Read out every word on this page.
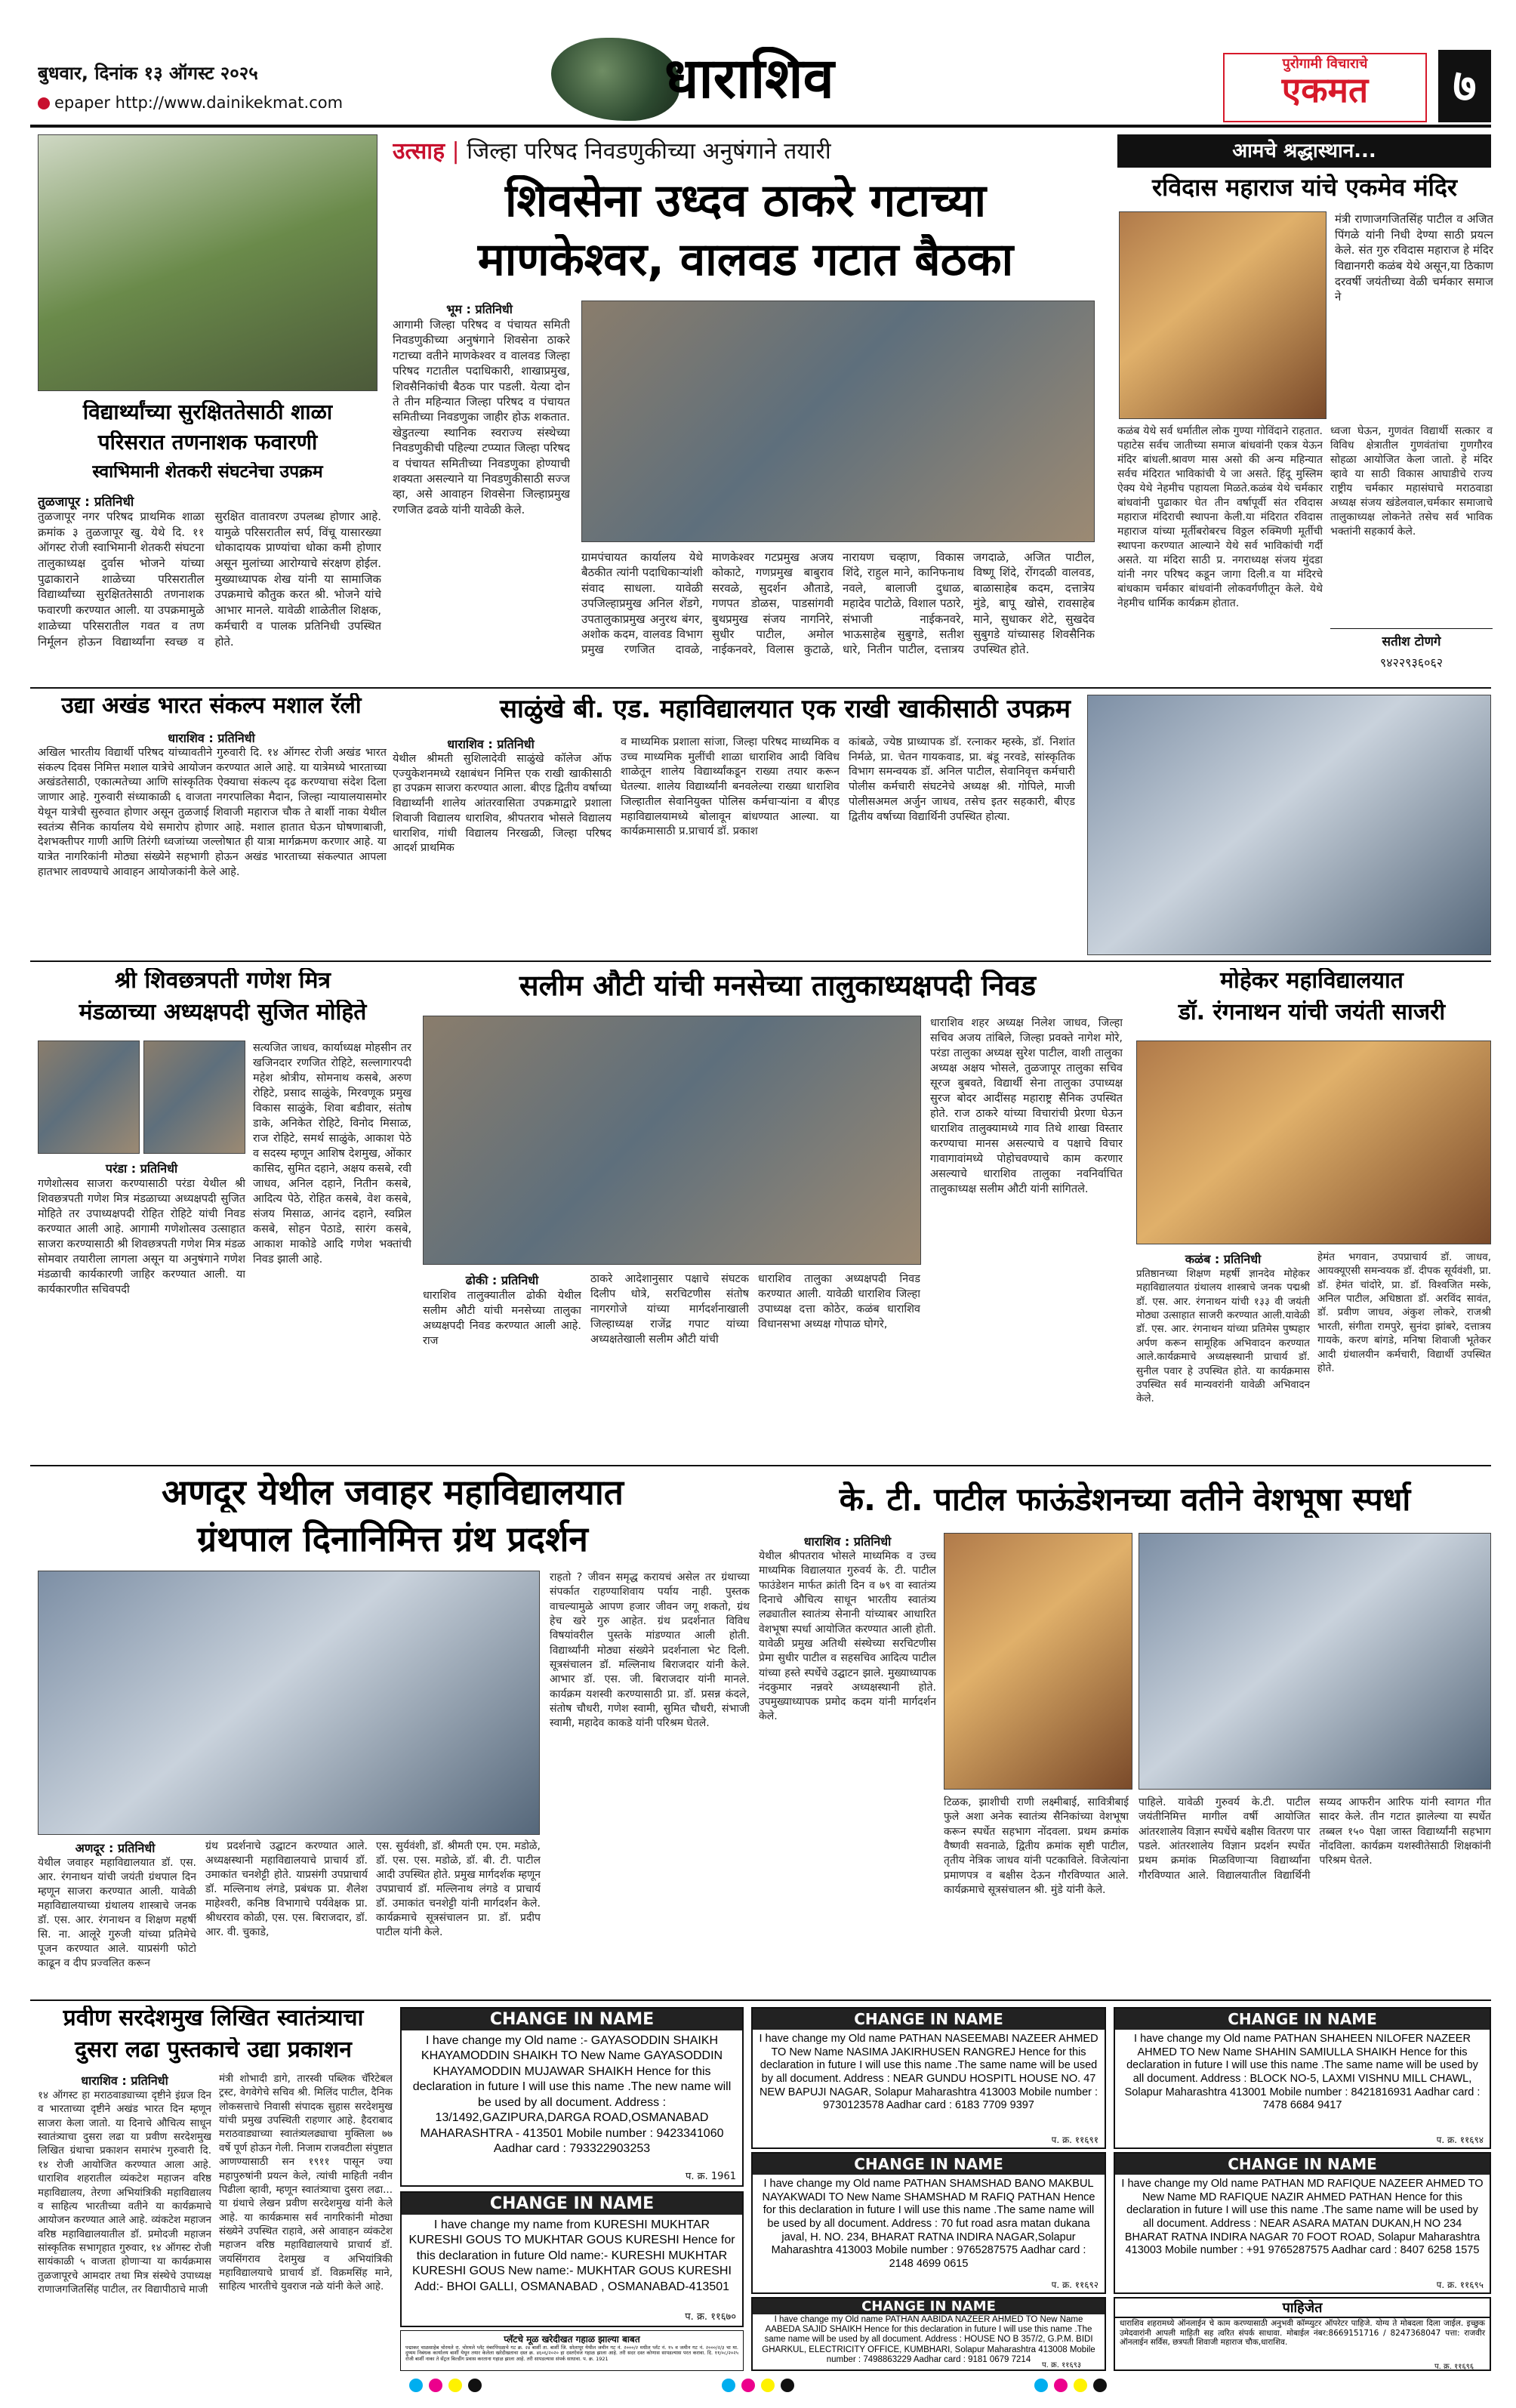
बुधवार, दिनांक १३ ऑगस्ट २०२५
epaper http://www.dainikekmat.com	धाराशिव	पुरोगामी विचाराचे
एकमत	७
विद्यार्थ्यांच्या सुरक्षिततेसाठी शाळा
परिसरात तणनाशक फवारणी
स्वाभिमानी शेतकरी संघटनेचा उपक्रम
तुळजापूर : प्रतिनिधी
तुळजापूर नगर परिषद प्राथमिक शाळा क्रमांक ३ तुळजापूर खु. येथे दि. ११ ऑगस्ट रोजी स्वाभिमानी शेतकरी संघटना तालुकाध्यक्ष दुर्वास भोजने यांच्या पुढाकाराने शाळेच्या परिसरातील विद्यार्थ्यांच्या सुरक्षिततेसाठी तणनाशक फवारणी करण्यात आली. या उपक्रमामुळे शाळेच्या परिसरातील गवत व तण निर्मूलन होऊन विद्यार्थ्यांना स्वच्छ व सुरक्षित वातावरण उपलब्ध होणार आहे. यामुळे परिसरातील सर्प, विंचू यासारख्या धोकादायक प्राण्यांचा धोका कमी होणार असून मुलांच्या आरोग्याचे संरक्षण होईल. मुख्याध्यापक शेख यांनी या सामाजिक उपक्रमाचे कौतुक करत श्री. भोजने यांचे आभार मानले. यावेळी शाळेतील शिक्षक, कर्मचारी व पालक प्रतिनिधी उपस्थित होते.
उत्साह | जिल्हा परिषद निवडणुकीच्या अनुषंगाने तयारी
शिवसेना उध्दव ठाकरे गटाच्या
माणकेश्वर, वालवड गटात बैठका
भूम : प्रतिनिधी
आगामी जिल्हा परिषद व पंचायत समिती निवडणुकीच्या अनुषंगाने शिवसेना ठाकरे गटाच्या वतीने माणकेश्वर व वालवड जिल्हा परिषद गटातील पदाधिकारी, शाखाप्रमुख, शिवसैनिकांची बैठक पार पडली. येत्या दोन ते तीन महिन्यात जिल्हा परिषद व पंचायत समितीच्या निवडणुका जाहीर होऊ शकतात. खेडुतल्या स्थानिक स्वराज्य संस्थेच्या निवडणुकीची पहिल्या टप्प्यात जिल्हा परिषद व पंचायत समितीच्या निवडणुका होण्याची शक्यता असल्याने या निवडणुकीसाठी सज्ज व्हा, असे आवाहन शिवसेना जिल्हाप्रमुख रणजित ढवळे यांनी यावेळी केले.
ग्रामपंचायत कार्यालय येथे बैठकीत त्यांनी पदाधिकाऱ्यांशी संवाद साधला. यावेळी उपजिल्हाप्रमुख अनिल शेंडगे, उपतालुकाप्रमुख अनुरथ बंगर, अशोक कदम, वालवड विभाग प्रमुख रणजित दावळे, माणकेश्वर गटप्रमुख अजय कोकाटे, गणप्रमुख बाबुराव सरवळे, सुदर्शन औताडे, गणपत डोळस, पाडसांगवी बुथप्रमुख संजय नागनिरे, सुधीर पाटील, अमोल नाईकनवरे, विलास कुटाळे, नारायण चव्हाण, विकास शिंदे, राहुल माने, कानिफनाथ नवले, बालाजी दुधाळ, महादेव पाटोळे, विशाल पठारे, संभाजी नाईकनवरे, भाऊसाहेब सुबुगडे, सतीश धारे, नितीन पाटील, दत्तात्रय जगदाळे, अजित पाटील, विष्णू शिंदे, रोंगदळी वालवड, बाळासाहेब कदम, दत्तात्रेय मुंडे, बापू खोसे, रावसाहेब माने, सुधाकर शेटे, सुखदेव सुबुगडे यांच्यासह शिवसैनिक उपस्थित होते.
आमचे श्रद्धास्थान...
रविदास महाराज यांचे एकमेव मंदिर
मंत्री राणाजगजितसिंह पाटील व अजित पिंगळे यांनी निधी देण्या साठी प्रयत्न केले. संत गुरु रविदास महाराज हे मंदिर विद्यानगरी कळंब येथे असून,या ठिकाण दरवर्षी जयंतीच्या वेळी चर्मकार समाज ने
कळंब येथे सर्व धर्मातील लोक गुण्या गोविंदाने राहतात. पहाटेस सर्वच जातीच्या समाज बांधवांनी एकत्र येऊन मंदिर बांधली.श्रावण मास असो की अन्य महिन्यात सर्वच मंदिरात भाविकांची ये जा असते. हिंदू मुस्लिम ऐक्य येथे नेहमीच पहायला मिळते.कळंब येथे चर्मकार बांधवांनी पुढाकार घेत तीन वर्षापूर्वी संत रविदास महाराज मंदिराची स्थापना केली.या मंदिरात रविदास महाराज यांच्या मूर्तीबरोबरच विठ्ठल रुक्मिणी मूर्तीची स्थापना करण्यात आल्याने येथे सर्व भाविकांची गर्दी असते. या मंदिरा साठी प्र. नगराध्यक्ष संजय मुंदडा यांनी नगर परिषद कडून जागा दिली.व या मंदिरचे बांधकाम चर्मकार बांधवांनी लोकवर्गणीतून केले. येथे नेहमीच धार्मिक कार्यक्रम होतात.
ध्वजा घेऊन, गुणवंत विद्यार्थी सत्कार व विविध क्षेत्रातील गुणवंतांचा गुणगौरव सोहळा आयोजित केला जातो. हे मंदिर व्हावे या साठी विकास आघाडीचे राज्य राष्ट्रीय चर्मकार महासंघाचे मराठवाडा अध्यक्ष संजय खंडेलवाल,चर्मकार समाजाचे तालुकाध्यक्ष लोकनेते तसेच सर्व भाविक भक्तांनी सहकार्य केले.
सतीश टोणगे
९४२२९३६०६२
उद्या अखंड भारत संकल्प मशाल रॅली
धाराशिव : प्रतिनिधी
अखिल भारतीय विद्यार्थी परिषद यांच्यावतीने गुरुवारी दि. १४ ऑगस्ट रोजी अखंड भारत संकल्प दिवस निमित्त मशाल यात्रेचे आयोजन करण्यात आले आहे. या यात्रेमध्ये भारताच्या अखंडतेसाठी, एकात्मतेच्या आणि सांस्कृतिक ऐक्याचा संकल्प दृढ करण्याचा संदेश दिला जाणार आहे. गुरुवारी संध्याकाळी ६ वाजता नगरपालिका मैदान, जिल्हा न्यायालयासमोर येथून यात्रेची सुरुवात होणार असून तुळजाई शिवाजी महाराज चौक ते बार्शी नाका येथील स्वतंत्र्य सैनिक कार्यालय येथे समारोप होणार आहे. मशाल हातात घेऊन घोषणाबाजी, देशभक्तीपर गाणी आणि तिरंगी ध्वजांच्या जल्लोषात ही यात्रा मार्गक्रमण करणार आहे. या यात्रेत नागरिकांनी मोठ्या संख्येने सहभागी होऊन अखंड भारताच्या संकल्पात आपला हातभार लावण्याचे आवाहन आयोजकांनी केले आहे.
साळुंखे बी. एड. महाविद्यालयात एक राखी खाकीसाठी उपक्रम
धाराशिव : प्रतिनिधी
येथील श्रीमती सुशिलादेवी साळुंखे कॉलेज ऑफ एज्युकेशनमध्ये रक्षाबंधन निमित्त एक राखी खाकीसाठी हा उपक्रम साजरा करण्यात आला. बीएड द्वितीय वर्षाच्या विद्यार्थ्यांनी शालेय आंतरवासिता उपक्रमाद्वारे प्रशाला शिवाजी विद्यालय धाराशिव, श्रीपतराव भोसले विद्यालय धाराशिव, गांधी विद्यालय निरखळी, जिल्हा परिषद आदर्श प्राथमिक
व माध्यमिक प्रशाला सांजा, जिल्हा परिषद माध्यमिक व उच्च माध्यमिक मुलींची शाळा धाराशिव आदी विविध शाळेतून शालेय विद्यार्थ्यांकडून राख्या तयार करून घेतल्या. शालेय विद्यार्थ्यांनी बनवलेल्या राख्या धाराशिव जिल्हातील सेवानियुक्त पोलिस कर्मचाऱ्यांना व बीएड महाविद्यालयामध्ये बोलावून बांधण्यात आल्या. या कार्यक्रमासाठी प्र.प्राचार्य डॉ. प्रकाश
कांबळे, ज्येष्ठ प्राध्यापक डॉ. रत्नाकर म्हस्के, डॉ. निशांत निर्मळे, प्रा. चेतन गायकवाड, प्रा. बंडू नरवडे, सांस्कृतिक विभाग समन्वयक डॉ. अनिल पाटील, सेवानिवृत्त कर्मचारी पोलीस कर्मचारी संघटनेचे अध्यक्ष श्री. गोपिले, माजी पोलीसअमल अर्जुन जाधव, तसेच इतर सहकारी, बीएड द्वितीय वर्षाच्या विद्यार्थिनी उपस्थित होत्या.
श्री शिवछत्रपती गणेश मित्र
मंडळाच्या अध्यक्षपदी सुजित मोहिते
परंडा : प्रतिनिधी
गणेशोत्सव साजरा करण्यासाठी परंडा येथील श्री शिवछत्रपती गणेश मित्र मंडळाच्या अध्यक्षपदी सुजित मोहिते तर उपाध्यक्षपदी रोहित रोहिटे यांची निवड करण्यात आली आहे. आगामी गणेशोत्सव उत्साहात साजरा करण्यासाठी श्री शिवछत्रपती गणेश मित्र मंडळ सोमवार तयारीला लागला असून या अनुषंगाने गणेश मंडळाची कार्यकारणी जाहिर करण्यात आली. या कार्यकारणीत सचिवपदी
सत्यजित जाधव, कार्याध्यक्ष मोहसीन तर खजिनदार रणजित रोहिटे, सल्लागारपदी महेश श्रोत्रीय, सोमनाथ कसबे, अरुण रोहिटे, प्रसाद साळुंके, मिरवणूक प्रमुख विकास साळुंके, शिवा बडीवार, संतोष डाके, अनिकेत रोहिटे, विनोद मिसाळ, राज रोहिटे, समर्थ साळुंके, आकाश पेठे व सदस्य म्हणून आशिष देशमुख, ओंकार कासिद, सुमित दहाने, अक्षय कसबे, रवी जाधव, अनिल दहाने, नितीन कसबे, आदित्य पेठे, रोहित कसबे, वेश कसबे, संजय मिसाळ, आनंद दहाने, स्वप्निल कसबे, सोहन पेठाडे, सारंग कसबे, आकाश माकोडे आदि गणेश भक्तांची निवड झाली आहे.
सलीम औटी यांची मनसेच्या तालुकाध्यक्षपदी निवड
ढोकी : प्रतिनिधी
धाराशिव तालुक्यातील ढोकी येथील सलीम औटी यांची मनसेच्या तालुका अध्यक्षपदी निवड करण्यात आली आहे. राज
ठाकरे आदेशानुसार पक्षाचे संघटक दिलीप धोत्रे, सरचिटणीस संतोष नागरगोजे यांच्या मार्गदर्शनाखाली जिल्हाध्यक्ष राजेंद्र गपाट यांच्या अध्यक्षतेखाली सलीम औटी यांची
धाराशिव तालुका अध्यक्षपदी निवड करण्यात आली. यावेळी धाराशिव जिल्हा उपाध्यक्ष दत्ता कोठेर, कळंब धाराशिव विधानसभा अध्यक्ष गोपाळ घोगरे,
धाराशिव शहर अध्यक्ष निलेश जाधव, जिल्हा सचिव अजय तांबिले, जिल्हा प्रवक्ते नागेश मोरे, परंडा तालुका अध्यक्ष सुरेश पाटील, वाशी तालुका अध्यक्ष अक्षय भोसले, तुळजापूर तालुका सचिव सूरज बुबवते, विद्यार्थी सेना तालुका उपाध्यक्ष सुरज बोदर आदींसह महाराष्ट्र सैनिक उपस्थित होते. राज ठाकरे यांच्या विचारांची प्रेरणा घेऊन धाराशिव तालुक्यामध्ये गाव तिथे शाखा विस्तार करण्याचा मानस असल्याचे व पक्षाचे विचार गावागावांमध्ये पोहोचवण्याचे काम करणार असल्याचे धाराशिव तालुका नवनिर्वाचित तालुकाध्यक्ष सलीम औटी यांनी सांगितले.
मोहेकर महाविद्यालयात
डॉ. रंगनाथन यांची जयंती साजरी
कळंब : प्रतिनिधी
प्रतिष्ठानच्या शिक्षण महर्षी ज्ञानदेव मोहेकर महाविद्यालयात ग्रंथालय शास्त्राचे जनक पद्मश्री डॉ. एस. आर. रंगनाथन यांची १३३ वी जयंती मोठ्या उत्साहात साजरी करण्यात आली.यावेळी डॉ. एस. आर. रंगनाथन यांच्या प्रतिमेस पुष्पहार अर्पण करून सामूहिक अभिवादन करण्यात आले.कार्यक्रमाचे अध्यक्षस्थानी प्राचार्य डॉ. सुनील पवार हे उपस्थित होते. या कार्यक्रमास उपस्थित सर्व मान्यवरांनी यावेळी अभिवादन केले.
हेमंत भगवान, उपप्राचार्य डॉ. जाधव, आयक्यूएसी समन्वयक डॉ. दीपक सूर्यवंशी, प्रा. डॉ. हेमंत चांदोरे, प्रा. डॉ. विश्वजित मस्के, अनिल पाटील, अधिष्ठाता डॉ. अरविंद सावंत, डॉ. प्रवीण जाधव, अंकुश लोकरे, राजश्री भारती, संगीता रामपुरे, सुनंदा झांबरे, दत्तात्रय गायके, करण बांगडे, मनिषा शिवाजी भूतेकर आदी ग्रंथालयीन कर्मचारी, विद्यार्थी उपस्थित होते.
अणदूर येथील जवाहर महाविद्यालयात
ग्रंथपाल दिनानिमित्त ग्रंथ प्रदर्शन
अणदूर : प्रतिनिधी
येथील जवाहर महाविद्यालयात डॉ. एस. आर. रंगनाथन यांची जयंती ग्रंथपाल दिन म्हणून साजरा करण्यात आली. यावेळी महाविद्यालयाच्या ग्रंथालय शास्त्राचे जनक डॉ. एस. आर. रंगनाथन व शिक्षण महर्षी सि. ना. आलूरे गुरुजी यांच्या प्रतिमेचे पूजन करण्यात आले. याप्रसंगी फोटो काढून व दीप प्रज्वलित करून
ग्रंथ प्रदर्शनाचे उद्घाटन करण्यात आले. अध्यक्षस्थानी महाविद्यालयाचे प्राचार्य डॉ. उमाकांत चनशेट्टी होते. याप्रसंगी उपप्राचार्य डॉ. मल्लिनाथ लंगडे, प्रबंधक प्रा. शैलेश माहेश्वरी, कनिष्ठ विभागाचे पर्यवेक्षक प्रा. श्रीधरराव कोळी, एस. एस. बिराजदार, डॉ. आर. वी. चुकाडे,
एस. सुर्यवंशी, डॉ. श्रीमती एम. एम. मडोळे, डॉ. एस. एस. मडोळे, डॉ. बी. टी. पाटील आदी उपस्थित होते. प्रमुख मार्गदर्शक म्हणून उपप्राचार्य डॉ. मल्लिनाथ लंगडे व प्राचार्य डॉ. उमाकांत चनशेट्टी यांनी मार्गदर्शन केले. कार्यक्रमाचे सूत्रसंचालन प्रा. डॉ. प्रदीप पाटील यांनी केले.
राहतो ? जीवन समृद्ध करायचं असेल तर ग्रंथाच्या संपर्कात राहण्याशिवाय पर्याय नाही. पुस्तक वाचल्यामुळे आपण हजार जीवन जगू शकतो, ग्रंथ हेच खरे गुरु आहेत. ग्रंथ प्रदर्शनात विविध विषयांवरील पुस्तके मांडण्यात आली होती. विद्यार्थ्यांनी मोठ्या संख्येने प्रदर्शनाला भेट दिली. सूत्रसंचालन डॉ. मल्लिनाथ बिराजदार यांनी केले. आभार डॉ. एस. जी. बिराजदार यांनी मानले. कार्यक्रम यशस्वी करण्यासाठी प्रा. डॉ. प्रसन्न कंदले, संतोष चौधरी, गणेश स्वामी, सुमित चौधरी, संभाजी स्वामी, महादेव काकडे यांनी परिश्रम घेतले.
के. टी. पाटील फाऊंडेशनच्या वतीने वेशभूषा स्पर्धा
धाराशिव : प्रतिनिधी
येथील श्रीपतराव भोसले माध्यमिक व उच्च माध्यमिक विद्यालयात गुरुवर्य के. टी. पाटील फाउंडेशन मार्फत क्रांती दिन व ७९ वा स्वातंत्र्य दिनाचे औचित्य साधून भारतीय स्वातंत्र्य लढ्यातील स्वातंत्र्य सेनानी यांच्याबर आधारित वेशभूषा स्पर्धा आयोजित करण्यात आली होती. यावेळी प्रमुख अतिथी संस्थेच्या सरचिटणीस प्रेमा सुधीर पाटील व सहसचिव आदित्य पाटील यांच्या हस्ते स्पर्धेचे उद्घाटन झाले. मुख्याध्यापक नंदकुमार नन्नवरे अध्यक्षस्थानी होते. उपमुख्याध्यापक प्रमोद कदम यांनी मार्गदर्शन केले.
टिळक, झाशीची राणी लक्ष्मीबाई, सावित्रीबाई फुले अशा अनेक स्वातंत्र्य सैनिकांच्या वेशभूषा करून स्पर्धेत सहभाग नोंदवला. प्रथम क्रमांक वैष्णवी सवनाळे, द्वितीय क्रमांक सृष्टी पाटील, तृतीय नेत्रिक जाधव यांनी पटकाविले. विजेत्यांना प्रमाणपत्र व बक्षीस देऊन गौरविण्यात आले. कार्यक्रमाचे सूत्रसंचालन श्री. मुंडे यांनी केले.
पाहिले. यावेळी गुरुवर्य के.टी. पाटील जयंतीनिमित्त मागील वर्षी आयोजित आंतरशालेय विज्ञान स्पर्धेचे बक्षीस वितरण पार पडले. आंतरशालेय विज्ञान प्रदर्शन स्पर्धेत प्रथम क्रमांक मिळविणाऱ्या विद्यार्थ्यांना गौरविण्यात आले. विद्यालयातील विद्यार्थिनी सय्यद आफरीन आरिफ यांनी स्वागत गीत सादर केले. तीन गटात झालेल्या या स्पर्धेत तब्बल १५० पेक्षा जास्त विद्यार्थ्यांनी सहभाग नोंदविला. कार्यक्रम यशस्वीतेसाठी शिक्षकांनी परिश्रम घेतले.
प्रवीण सरदेशमुख लिखित स्वातंत्र्याचा
दुसरा लढा पुस्तकाचे उद्या प्रकाशन
धाराशिव : प्रतिनिधी
१४ ऑगस्ट हा मराठवाड्याच्या दृष्टीने इंग्रज दिन व भारताच्या दृष्टीने अखंड भारत दिन म्हणून साजरा केला जातो. या दिनाचे औचित्य साधून स्वातंत्र्याचा दुसरा लढा या प्रवीण सरदेशमुख लिखित ग्रंथाचा प्रकाशन समारंभ गुरुवारी दि. १४ रोजी आयोजित करण्यात आला आहे. धाराशिव शहरातील व्यंकटेश महाजन वरिष्ठ महाविद्यालय, तेरणा अभियांत्रिकी महाविद्यालय व साहित्य भारतीच्या वतीने या कार्यक्रमाचे आयोजन करण्यात आले आहे. व्यंकटेश महाजन वरिष्ठ महाविद्यालयातील डॉ. प्रमोदजी महाजन सांस्कृतिक सभागृहात गुरुवार, १४ ऑगस्ट रोजी सायंकाळी ५ वाजता होणाऱ्या या कार्यक्रमास तुळजापूरचे आमदार तथा मित्र संस्थेचे उपाध्यक्ष राणाजगजितसिंह पाटील, तर विद्यापीठाचे माजी
मंत्री शोभादी डागे, तारस्वी पब्लिक चॅरिटेबल ट्रस्ट, वेगवेगेचे सचिव श्री. मिलिंद पाटील, दैनिक लोकसत्ताचे निवासी संपादक सुहास सरदेशमुख यांची प्रमुख उपस्थिती राहणार आहे. हैदराबाद मराठवाड्याच्या स्वातंत्र्यलढ्याचा मुक्तिला ७७ वर्षे पूर्ण होऊन गेली. निजाम राजवटीला संपुष्टात आणण्यासाठी सन १९११ पासून ज्या महापुरुषांनी प्रयत्न केले, त्यांची माहिती नवीन पिढीला व्हावी, म्हणून स्वातंत्र्याचा दुसरा लढा... या ग्रंथाचे लेखन प्रवीण सरदेशमुख यांनी केले आहे. या कार्यक्रमास सर्व नागरिकांनी मोठ्या संख्येने उपस्थित राहावे, असे आवाहन व्यंकटेश महाजन वरिष्ठ महाविद्यालयाचे प्राचार्य डॉ. जयसिंगराव देशमुख व अभियांत्रिकी महाविद्यालयाचे प्राचार्य डॉ. विक्रमसिंह माने, साहित्य भारतीचे युवराज नळे यांनी केले आहे.
CHANGE IN NAME
I have change my Old name :- GAYASODDIN SHAIKH KHAYAMODDIN SHAIKH TO New Name GAYASODDIN KHAYAMODDIN MUJAWAR SHAIKH Hence for this declaration in future I will use this name .The new name will be used by all document. Address : 13/1492,GAZIPURA,DARGA ROAD,OSMANABAD MAHARASHTRA - 413501 Mobile number : 9423341060 Aadhar card : 793322903253
प. क्र. 1961
CHANGE IN NAME
I have change my name from KURESHI MUKHTAR KURESHI GOUS TO MUKHTAR GOUS KURESHI Hence for this declaration in future Old name:- KURESHI MUKHTAR KURESHI GOUS New name:- MUKHTAR GOUS KURESHI Add:- BHOI GALLI, OSMANABAD , OSMANABAD-413501
प. क्र. ११६७०
CHANGE IN NAME
I have change my Old name PATHAN NASEEMABI NAZEER AHMED TO New Name NASIMA JAKIRHUSEN RANGREJ Hence for this declaration in future I will use this name .The same name will be used by all document. Address : NEAR GUNDU HOSPITL HOUSE NO. 47 NEW BAPUJI NAGAR, Solapur Maharashtra 413003 Mobile number : 9730123578 Aadhar card : 6183 7709 9397
प. क्र. ११६९१
CHANGE IN NAME
I have change my Old name PATHAN SHAMSHAD BANO MAKBUL NAYAKWADI TO New Name SHAMSHAD M RAFIQ PATHAN Hence for this declaration in future I will use this name .The same name will be used by all document. Address : 70 fut road asra matan dukana javal, H. NO. 234, BHARAT RATNA INDIRA NAGAR,Solapur Maharashtra 413003 Mobile number : 9765287575 Aadhar card : 2148 4699 0615
प. क्र. ११६९२
CHANGE IN NAME
I have change my Old name PATHAN AABIDA NAZEER AHMED TO New Name AABEDA SAJID SHAIKH Hence for this declaration in future I will use this name .The same name will be used by all document. Address : HOUSE NO B 357/2, G.P.M. BIDI GHARKUL, ELECTRICITY OFFICE, KUMBHARI, Solapur Maharashtra 413008 Mobile number : 7498863229 Aadhar card : 9181 0679 7214
CHANGE IN NAME
I have change my Old name PATHAN SHAHEEN NILOFER NAZEER AHMED TO New Name SHAHIN SAMIULLA SHAIKH Hence for this declaration in future I will use this name .The same name will be used by all document. Address : BLOCK NO-5, LAXMI VISHNU MILL CHAWL, Solapur Maharashtra 413001 Mobile number : 8421816931 Aadhar card : 7478 6684 9417
प. क्र. ११६९४
CHANGE IN NAME
I have change my Old name PATHAN MD RAFIQUE NAZEER AHMED TO New Name MD RAFIQUE NAZIR AHMED PATHAN Hence for this declaration in future I will use this name .The same name will be used by all document. Address : NEAR ASARA MATAN DUKAN,H NO 234 BHARAT RATNA INDIRA NAGAR 70 FOOT ROAD, Solapur Maharashtra 413003 Mobile number : +91 9765287575 Aadhar card : 8407 6258 1575
प. क्र. ११६९५
पाहिजेत
धाराशिव शहरामध्ये ऑनलाईन चे काम करण्यासाठी अनुभवी कॉम्प्युटर ऑपरेटर पाहिजे. योग्य ते मोबदला दिला जाईल. इच्छुक उमेदवारांनी आपली माहिती सह त्वरित संपर्क साधावा. मोबाईल नंबर:8669151716 / 8247368047 पत्ता: राजवीर ऑनलाईन सर्विस, छत्रपती शिवाजी महाराज चौक,धाराशिव.

प्लॅटचे मूळ खरेदीखत गहाळ झाल्या बाबत
पद्माकर चाळसाहेब चोरमले रा. चोरमले प्लॅट नंबरपिंपळाचे गट क्र. २४ बार्शी ता. बार्शी जि. सोलापूर येथील जमीन गट नं. २०००/२ मधील प्लॅट नं. १५ व जमीन गट नं. २०००/२/३ चा मा. दुय्यम निबंधक कार्यालय बार्शी येथून तयार केलेला खरेदीखताचा दस्त क्र. ४६०६/२०२० हा दस्तऐवज गहाळ झाला आहे. तरी सदर दस्त कोणास सापडल्यास परत करावा. दि. ११/०८/२०२५ रोजी बार्शी नाका ते सेंट्रल बिल्डींग प्रवास करताना गहाळ झाला आहे. तरी सापडल्यास संपर्क साधावा. प. क्र. 1921
प. क्र. ११६९३	प. क्र. ११६९६
